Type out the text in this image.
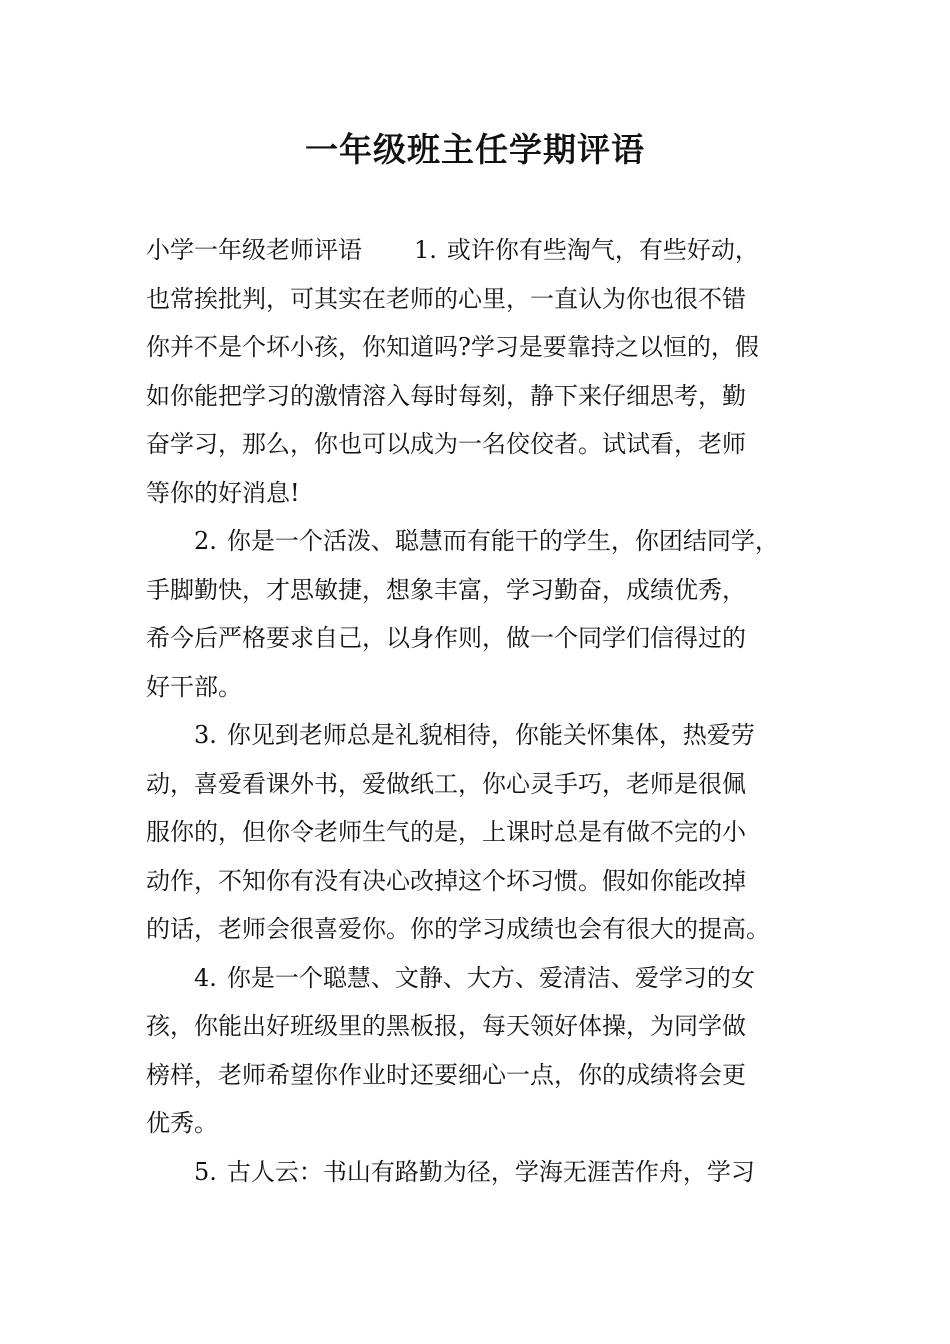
一年级班主任学期评语
小学一年级老师评语 1. 或许你有些淘气，有些好动，
也常挨批判，可其实在老师的心里，一直认为你也很不错
你并不是个坏小孩，你知道吗?学习是要靠持之以恒的，假
如你能把学习的激情溶入每时每刻，静下来仔细思考，勤
奋学习，那么，你也可以成为一名佼佼者。试试看，老师
等你的好消息!
2. 你是一个活泼、聪慧而有能干的学生，你团结同学，
手脚勤快，才思敏捷，想象丰富，学习勤奋，成绩优秀，
希今后严格要求自己，以身作则，做一个同学们信得过的
好干部。
3. 你见到老师总是礼貌相待，你能关怀集体，热爱劳
动，喜爱看课外书，爱做纸工，你心灵手巧，老师是很佩
服你的，但你令老师生气的是，上课时总是有做不完的小
动作，不知你有没有决心改掉这个坏习惯。假如你能改掉
的话，老师会很喜爱你。你的学习成绩也会有很大的提高。
4. 你是一个聪慧、文静、大方、爱清洁、爱学习的女
孩，你能出好班级里的黑板报，每天领好体操，为同学做
榜样，老师希望你作业时还要细心一点，你的成绩将会更
优秀。
5. 古人云：书山有路勤为径，学海无涯苦作舟，学习
